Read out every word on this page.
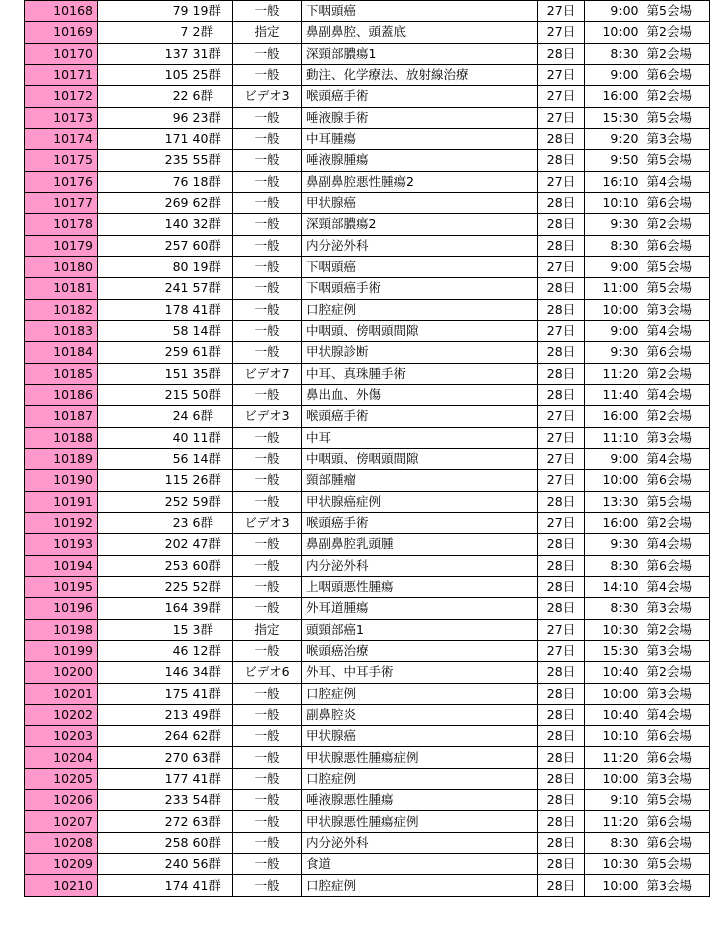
10168	79	19群	一般	下咽頭癌	27日	9:00	第5会場
10169	7	2群	指定	鼻副鼻腔、頭蓋底	27日	10:00	第2会場
10170	137	31群	一般	深頸部膿瘍1	28日	8:30	第2会場
10171	105	25群	一般	動注、化学療法、放射線治療	27日	9:00	第6会場
10172	22	6群	ビデオ3	喉頭癌手術	27日	16:00	第2会場
10173	96	23群	一般	唾液腺手術	27日	15:30	第5会場
10174	171	40群	一般	中耳腫瘍	28日	9:20	第3会場
10175	235	55群	一般	唾液腺腫瘍	28日	9:50	第5会場
10176	76	18群	一般	鼻副鼻腔悪性腫瘍2	27日	16:10	第4会場
10177	269	62群	一般	甲状腺癌	28日	10:10	第6会場
10178	140	32群	一般	深頸部膿瘍2	28日	9:30	第2会場
10179	257	60群	一般	内分泌外科	28日	8:30	第6会場
10180	80	19群	一般	下咽頭癌	27日	9:00	第5会場
10181	241	57群	一般	下咽頭癌手術	28日	11:00	第5会場
10182	178	41群	一般	口腔症例	28日	10:00	第3会場
10183	58	14群	一般	中咽頭、傍咽頭間隙	27日	9:00	第4会場
10184	259	61群	一般	甲状腺診断	28日	9:30	第6会場
10185	151	35群	ビデオ7	中耳、真珠腫手術	28日	11:20	第2会場
10186	215	50群	一般	鼻出血、外傷	28日	11:40	第4会場
10187	24	6群	ビデオ3	喉頭癌手術	27日	16:00	第2会場
10188	40	11群	一般	中耳	27日	11:10	第3会場
10189	56	14群	一般	中咽頭、傍咽頭間隙	27日	9:00	第4会場
10190	115	26群	一般	頸部腫瘤	27日	10:00	第6会場
10191	252	59群	一般	甲状腺癌症例	28日	13:30	第5会場
10192	23	6群	ビデオ3	喉頭癌手術	27日	16:00	第2会場
10193	202	47群	一般	鼻副鼻腔乳頭腫	28日	9:30	第4会場
10194	253	60群	一般	内分泌外科	28日	8:30	第6会場
10195	225	52群	一般	上咽頭悪性腫瘍	28日	14:10	第4会場
10196	164	39群	一般	外耳道腫瘍	28日	8:30	第3会場
10198	15	3群	指定	頭頸部癌1	27日	10:30	第2会場
10199	46	12群	一般	喉頭癌治療	27日	15:30	第3会場
10200	146	34群	ビデオ6	外耳、中耳手術	28日	10:40	第2会場
10201	175	41群	一般	口腔症例	28日	10:00	第3会場
10202	213	49群	一般	副鼻腔炎	28日	10:40	第4会場
10203	264	62群	一般	甲状腺癌	28日	10:10	第6会場
10204	270	63群	一般	甲状腺悪性腫瘍症例	28日	11:20	第6会場
10205	177	41群	一般	口腔症例	28日	10:00	第3会場
10206	233	54群	一般	唾液腺悪性腫瘍	28日	9:10	第5会場
10207	272	63群	一般	甲状腺悪性腫瘍症例	28日	11:20	第6会場
10208	258	60群	一般	内分泌外科	28日	8:30	第6会場
10209	240	56群	一般	食道	28日	10:30	第5会場
10210	174	41群	一般	口腔症例	28日	10:00	第3会場
